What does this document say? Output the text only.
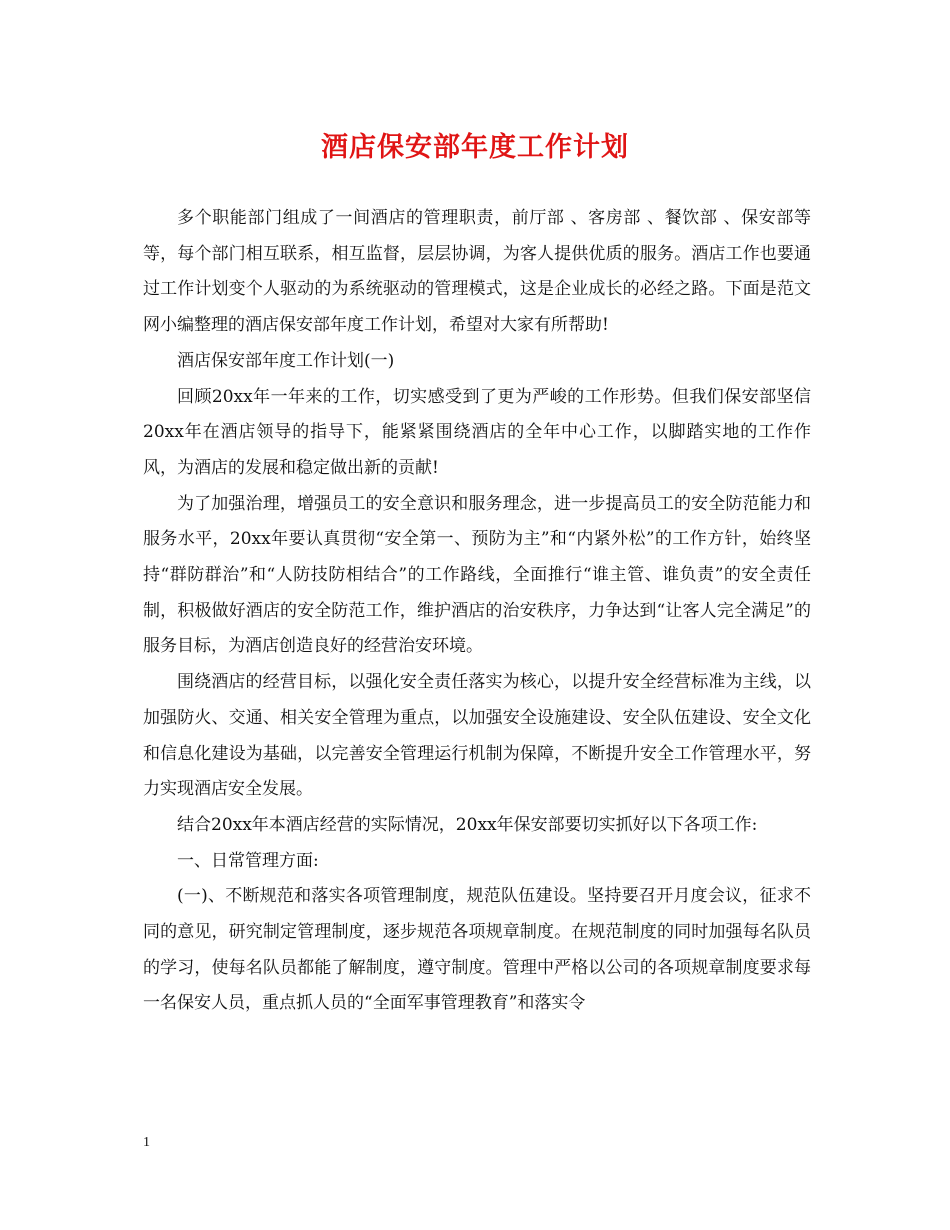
酒店保安部年度工作计划

多个职能部门组成了一间酒店的管理职责，前厅部 、客房部 、餐饮部 、保安部等等，每个部门相互联系，相互监督，层层协调，为客人提供优质的服务。酒店工作也要通过工作计划变个人驱动的为系统驱动的管理模式，这是企业成长的必经之路。下面是范文网小编整理的酒店保安部年度工作计划，希望对大家有所帮助!

酒店保安部年度工作计划(一)

回顾20xx年一年来的工作，切实感受到了更为严峻的工作形势。但我们保安部坚信20xx年在酒店领导的指导下，能紧紧围绕酒店的全年中心工作，以脚踏实地的工作作风，为酒店的发展和稳定做出新的贡献!

为了加强治理，增强员工的安全意识和服务理念，进一步提高员工的安全防范能力和服务水平，20xx年要认真贯彻“安全第一、预防为主”和“内紧外松”的工作方针，始终坚持“群防群治”和“人防技防相结合”的工作路线，全面推行“谁主管、谁负责”的安全责任制，积极做好酒店的安全防范工作，维护酒店的治安秩序，力争达到“让客人完全满足”的服务目标，为酒店创造良好的经营治安环境。

围绕酒店的经营目标，以强化安全责任落实为核心，以提升安全经营标准为主线，以加强防火、交通、相关安全管理为重点，以加强安全设施建设、安全队伍建设、安全文化和信息化建设为基础，以完善安全管理运行机制为保障，不断提升安全工作管理水平，努力实现酒店安全发展。

结合20xx年本酒店经营的实际情况，20xx年保安部要切实抓好以下各项工作:

一、日常管理方面:

(一)、不断规范和落实各项管理制度，规范队伍建设。坚持要召开月度会议，征求不同的意见，研究制定管理制度，逐步规范各项规章制度。在规范制度的同时加强每名队员的学习，使每名队员都能了解制度，遵守制度。管理中严格以公司的各项规章制度要求每一名保安人员，重点抓人员的“全面军事管理教育”和落实令

1
